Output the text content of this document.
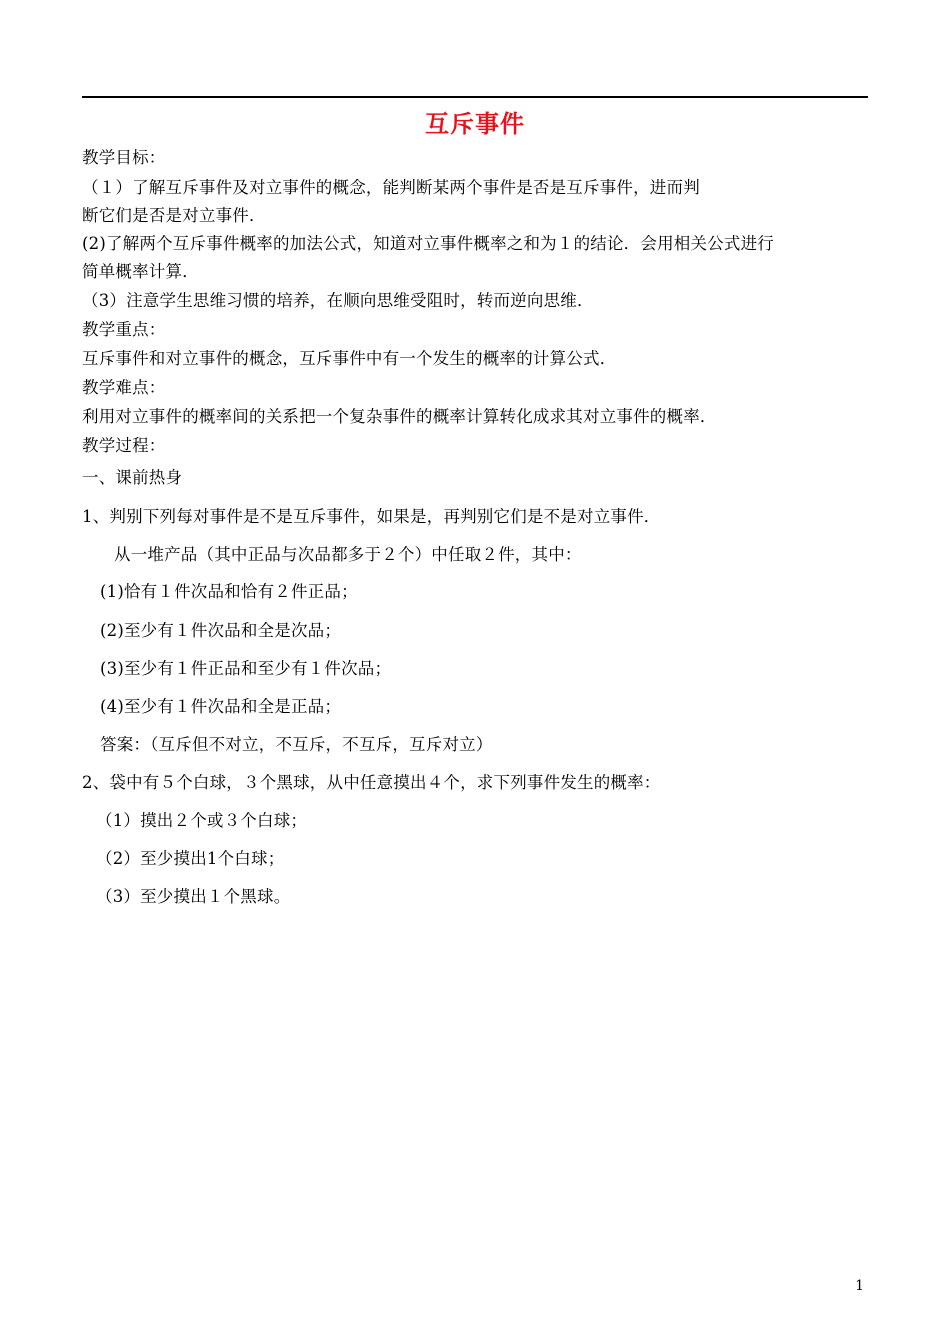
互斥事件
教学目标：
（１）了解互斥事件及对立事件的概念，能判断某两个事件是否是互斥事件，进而判
断它们是否是对立事件．
(2)了解两个互斥事件概率的加法公式，知道对立事件概率之和为１的结论．会用相关公式进行
简单概率计算．
（3）注意学生思维习惯的培养，在顺向思维受阻时，转而逆向思维．
教学重点：
互斥事件和对立事件的概念，互斥事件中有一个发生的概率的计算公式．
教学难点：
利用对立事件的概率间的关系把一个复杂事件的概率计算转化成求其对立事件的概率．
教学过程：
一、课前热身
1、判别下列每对事件是不是互斥事件，如果是，再判别它们是不是对立事件．
从一堆产品（其中正品与次品都多于２个）中任取２件，其中：
(1)恰有１件次品和恰有２件正品；
(2)至少有１件次品和全是次品；
(3)至少有１件正品和至少有１件次品；
(4)至少有１件次品和全是正品；
答案：（互斥但不对立，不互斥，不互斥，互斥对立）
2、袋中有５个白球，３个黑球，从中任意摸出４个，求下列事件发生的概率：
（1）摸出２个或３个白球；
（2）至少摸出1个白球；
（3）至少摸出１个黑球。
1
